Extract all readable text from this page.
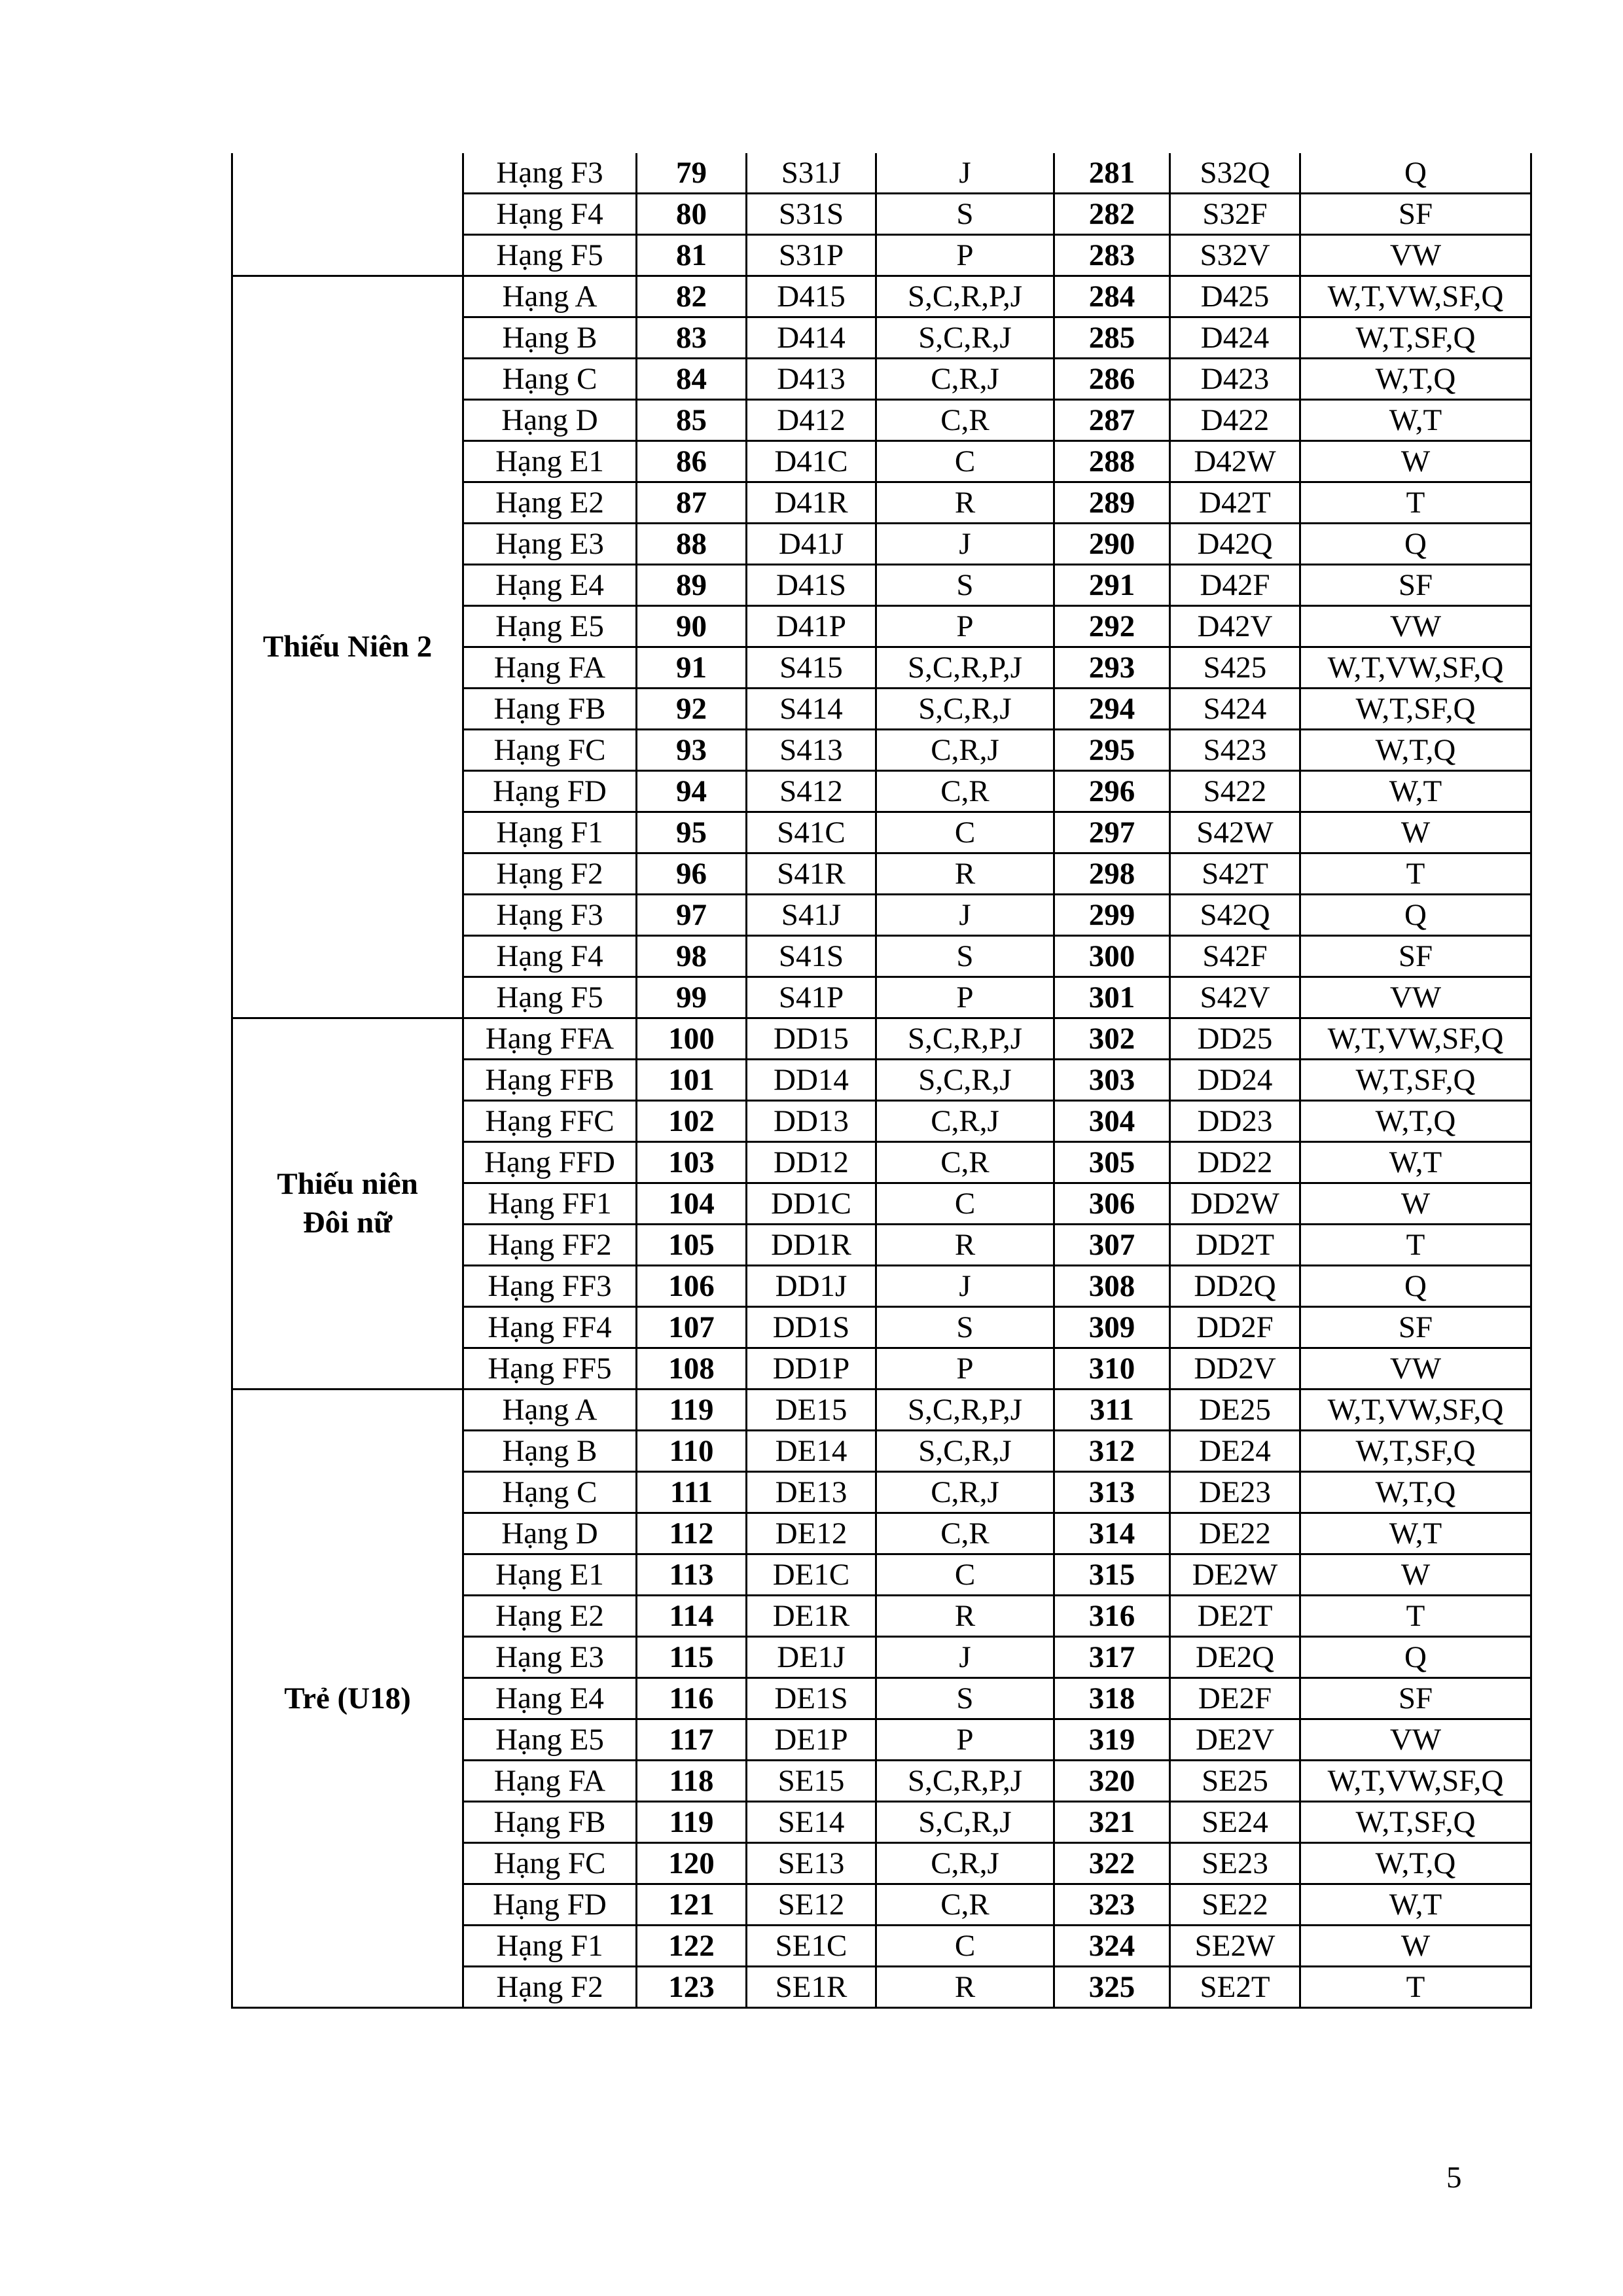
	Hạng F3	79	S31J	J	281	S32Q	Q
	Hạng F4	80	S31S	S	282	S32F	SF
	Hạng F5	81	S31P	P	283	S32V	VW

Thiếu Niên 2	Hạng A	82	D415	S,C,R,P,J	284	D425	W,T,VW,SF,Q
	Hạng B	83	D414	S,C,R,J	285	D424	W,T,SF,Q
	Hạng C	84	D413	C,R,J	286	D423	W,T,Q
	Hạng D	85	D412	C,R	287	D422	W,T
	Hạng E1	86	D41C	C	288	D42W	W
	Hạng E2	87	D41R	R	289	D42T	T
	Hạng E3	88	D41J	J	290	D42Q	Q
	Hạng E4	89	D41S	S	291	D42F	SF
	Hạng E5	90	D41P	P	292	D42V	VW
	Hạng FA	91	S415	S,C,R,P,J	293	S425	W,T,VW,SF,Q
	Hạng FB	92	S414	S,C,R,J	294	S424	W,T,SF,Q
	Hạng FC	93	S413	C,R,J	295	S423	W,T,Q
	Hạng FD	94	S412	C,R	296	S422	W,T
	Hạng F1	95	S41C	C	297	S42W	W
	Hạng F2	96	S41R	R	298	S42T	T
	Hạng F3	97	S41J	J	299	S42Q	Q
	Hạng F4	98	S41S	S	300	S42F	SF
	Hạng F5	99	S41P	P	301	S42V	VW

Thiếu niên
Đôi nữ	Hạng FFA	100	DD15	S,C,R,P,J	302	DD25	W,T,VW,SF,Q
	Hạng FFB	101	DD14	S,C,R,J	303	DD24	W,T,SF,Q
	Hạng FFC	102	DD13	C,R,J	304	DD23	W,T,Q
	Hạng FFD	103	DD12	C,R	305	DD22	W,T
	Hạng FF1	104	DD1C	C	306	DD2W	W
	Hạng FF2	105	DD1R	R	307	DD2T	T
	Hạng FF3	106	DD1J	J	308	DD2Q	Q
	Hạng FF4	107	DD1S	S	309	DD2F	SF
	Hạng FF5	108	DD1P	P	310	DD2V	VW

Trẻ (U18)	Hạng A	119	DE15	S,C,R,P,J	311	DE25	W,T,VW,SF,Q
	Hạng B	110	DE14	S,C,R,J	312	DE24	W,T,SF,Q
	Hạng C	111	DE13	C,R,J	313	DE23	W,T,Q
	Hạng D	112	DE12	C,R	314	DE22	W,T
	Hạng E1	113	DE1C	C	315	DE2W	W
	Hạng E2	114	DE1R	R	316	DE2T	T
	Hạng E3	115	DE1J	J	317	DE2Q	Q
	Hạng E4	116	DE1S	S	318	DE2F	SF
	Hạng E5	117	DE1P	P	319	DE2V	VW
	Hạng FA	118	SE15	S,C,R,P,J	320	SE25	W,T,VW,SF,Q
	Hạng FB	119	SE14	S,C,R,J	321	SE24	W,T,SF,Q
	Hạng FC	120	SE13	C,R,J	322	SE23	W,T,Q
	Hạng FD	121	SE12	C,R	323	SE22	W,T
	Hạng F1	122	SE1C	C	324	SE2W	W
	Hạng F2	123	SE1R	R	325	SE2T	T
5
